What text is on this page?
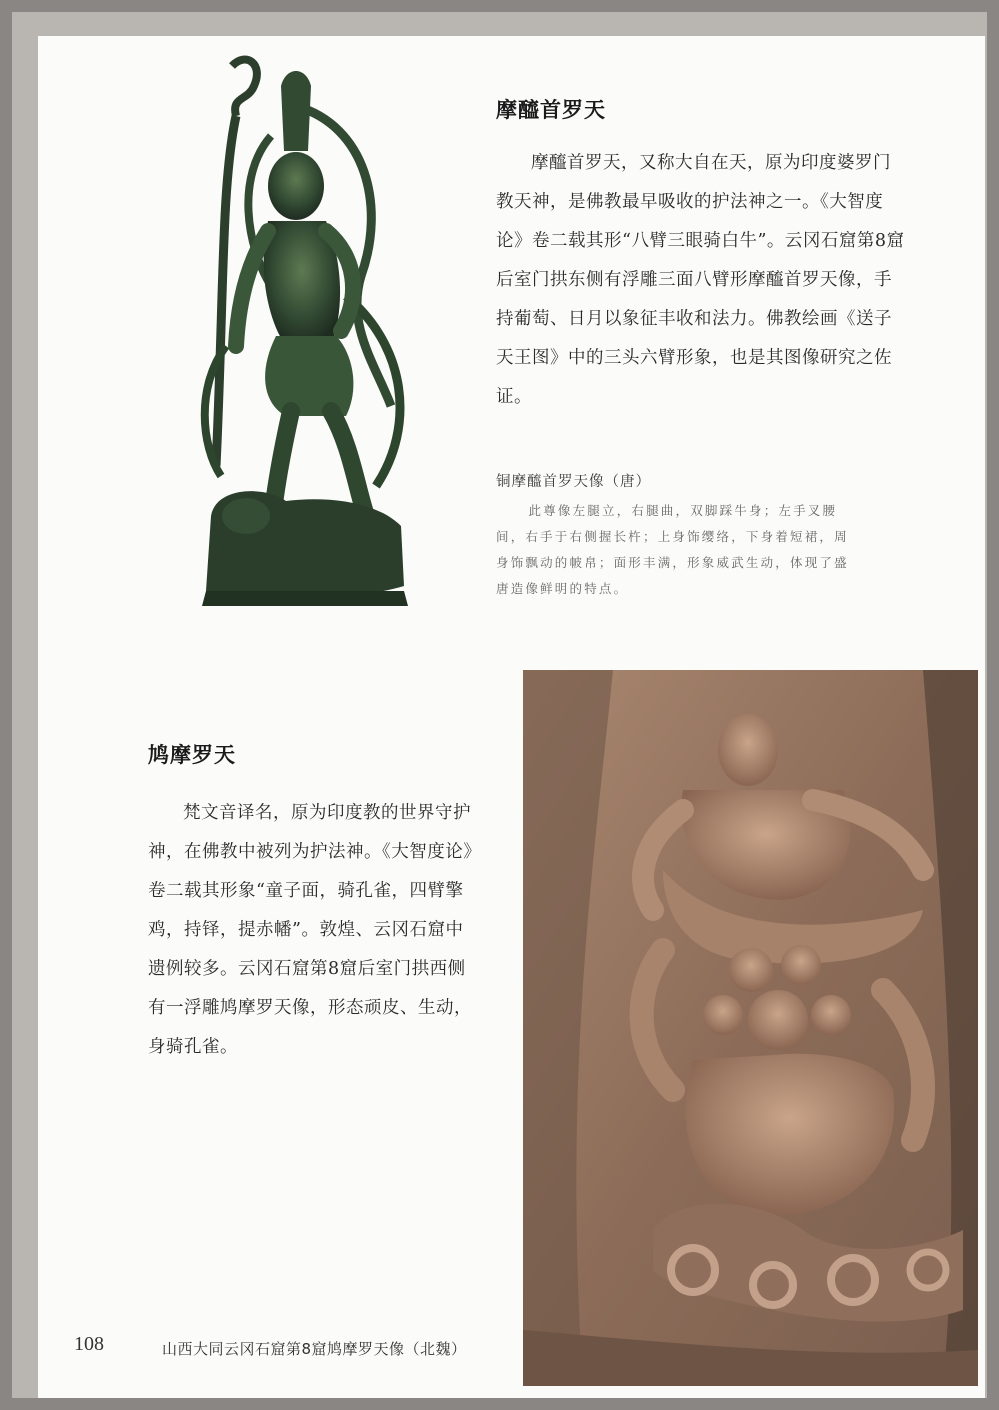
摩醯首罗天

摩醯首罗天，又称大自在天，原为印度婆罗门教天神，是佛教最早吸收的护法神之一。《大智度论》卷二载其形“八臂三眼骑白牛”。云冈石窟第8窟后室门拱东侧有浮雕三面八臂形摩醯首罗天像，手持葡萄、日月以象征丰收和法力。佛教绘画《送子天王图》中的三头六臂形象，也是其图像研究之佐证。

铜摩醯首罗天像（唐）

此尊像左腿立，右腿曲，双脚踩牛身；左手叉腰间，右手于右侧握长杵；上身饰缨络，下身着短裙，周身饰飘动的帔帛；面形丰满，形象威武生动，体现了盛唐造像鲜明的特点。

鸠摩罗天

梵文音译名，原为印度教的世界守护神，在佛教中被列为护法神。《大智度论》卷二载其形象“童子面，骑孔雀，四臂擎鸡，持铎，提赤幡”。敦煌、云冈石窟中遗例较多。云冈石窟第8窟后室门拱西侧有一浮雕鸠摩罗天像，形态顽皮、生动，身骑孔雀。

108	山西大同云冈石窟第8窟鸠摩罗天像（北魏）
